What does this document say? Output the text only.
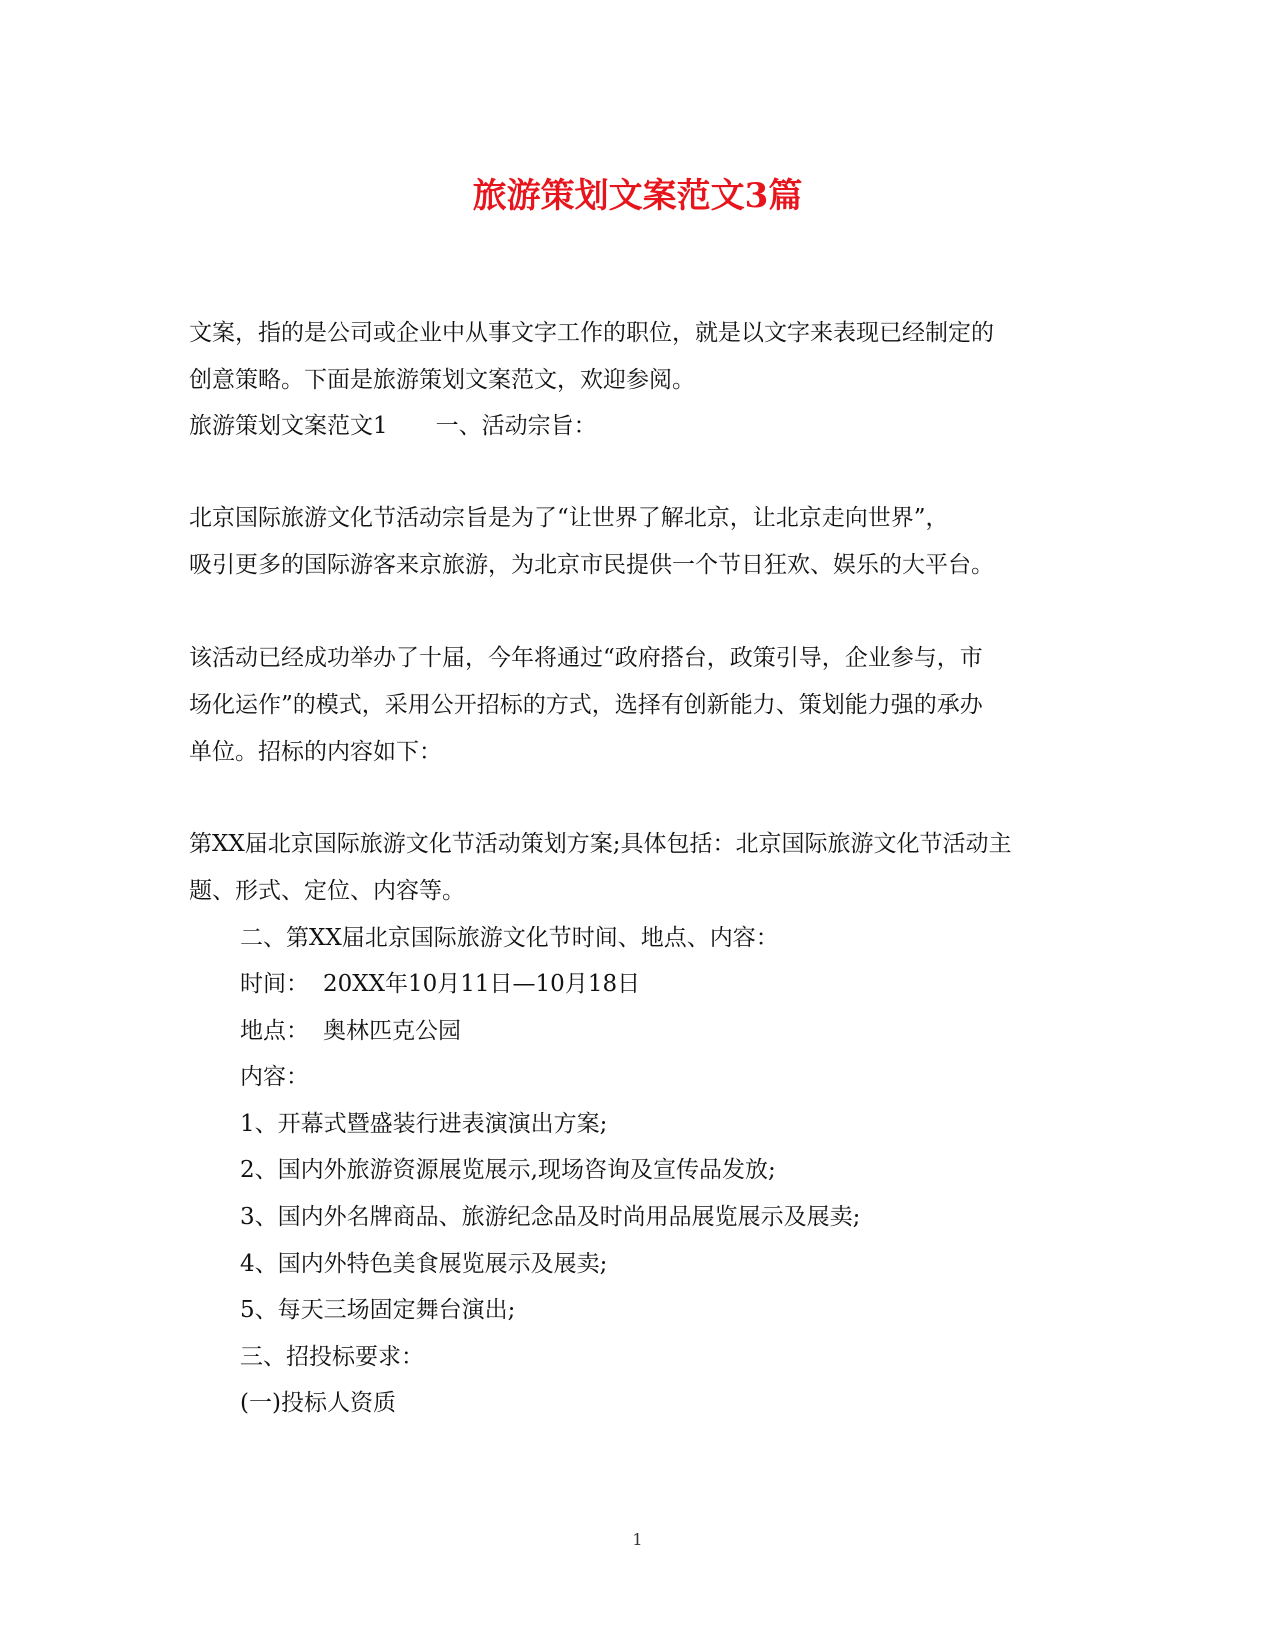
旅游策划文案范文3篇
文案，指的是公司或企业中从事文字工作的职位，就是以文字来表现已经制定的
创意策略。下面是旅游策划文案范文，欢迎参阅。
旅游策划文案范文1 一、活动宗旨：
北京国际旅游文化节活动宗旨是为了“让世界了解北京，让北京走向世界”，
吸引更多的国际游客来京旅游，为北京市民提供一个节日狂欢、娱乐的大平台。
该活动已经成功举办了十届，今年将通过“政府搭台，政策引导，企业参与，市
场化运作”的模式，采用公开招标的方式，选择有创新能力、策划能力强的承办
单位。招标的内容如下：
第XX届北京国际旅游文化节活动策划方案;具体包括：北京国际旅游文化节活动主
题、形式、定位、内容等。
二、第XX届北京国际旅游文化节时间、地点、内容：
时间： 20XX年10月11日—10月18日
地点： 奥林匹克公园
内容：
1、开幕式暨盛装行进表演演出方案;
2、国内外旅游资源展览展示,现场咨询及宣传品发放;
3、国内外名牌商品、旅游纪念品及时尚用品展览展示及展卖;
4、国内外特色美食展览展示及展卖;
5、每天三场固定舞台演出;
三、招投标要求：
(一)投标人资质
1
